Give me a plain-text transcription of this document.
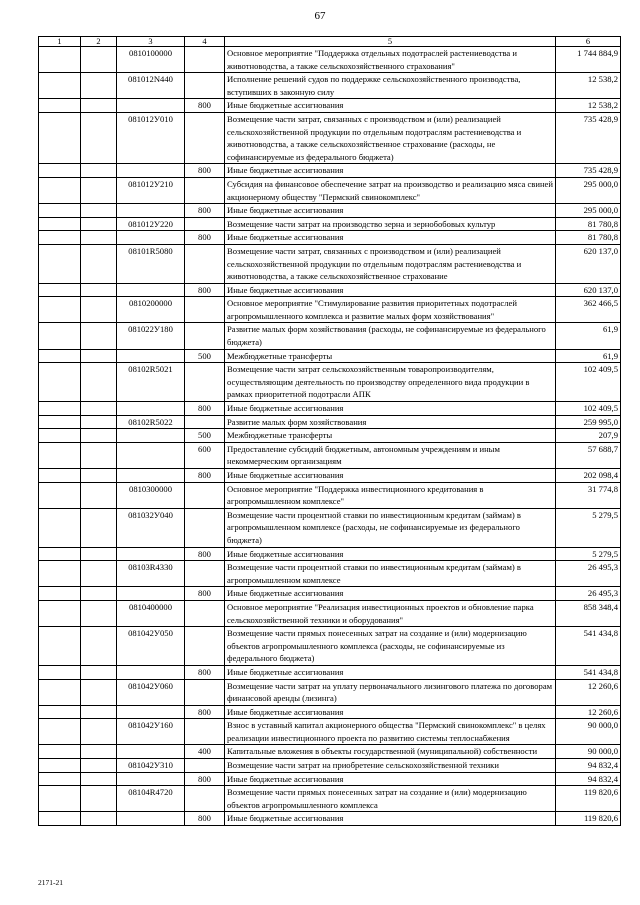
67
1	2	3	4	5	6
		0810100000		Основное мероприятие "Поддержка отдельных подотраслей растениеводства и животноводства, а также сельскохозяйственного страхования"	1 744 884,9
		081012N440		Исполнение решений судов по поддержке сельскохозяйственного производства, вступивших в законную силу	12 538,2
			800	Иные бюджетные ассигнования	12 538,2
		081012У010		Возмещение части затрат, связанных с производством и (или) реализацией сельскохозяйственной продукции по отдельным подотраслям растениеводства и животноводства, а также сельскохозяйственное страхование (расходы, не софинансируемые из федерального бюджета)	735 428,9
			800	Иные бюджетные ассигнования	735 428,9
		081012У210		Субсидия на финансовое обеспечение затрат на производство и реализацию мяса свиней акционерному обществу "Пермский свинокомплекс"	295 000,0
			800	Иные бюджетные ассигнования	295 000,0
		081012У220		Возмещение части затрат на производство зерна и зернобобовых культур	81 780,8
			800	Иные бюджетные ассигнования	81 780,8
		08101R5080		Возмещение части затрат, связанных с производством и (или) реализацией сельскохозяйственной продукции по отдельным подотраслям растениеводства и животноводства, а также сельскохозяйственное страхование	620 137,0
			800	Иные бюджетные ассигнования	620 137,0
		0810200000		Основное мероприятие "Стимулирование развития приоритетных подотраслей агропромышленного комплекса и развитие малых форм хозяйствования"	362 466,5
		081022У180		Развитие малых форм хозяйствования (расходы, не софинансируемые из федерального бюджета)	61,9
			500	Межбюджетные трансферты	61,9
		08102R5021		Возмещение части затрат сельскохозяйственным товаропроизводителям, осуществляющим деятельность по производству определенного вида продукции в рамках приоритетной подотрасли АПК	102 409,5
			800	Иные бюджетные ассигнования	102 409,5
		08102R5022		Развитие малых форм хозяйствования	259 995,0
			500	Межбюджетные трансферты	207,9
			600	Предоставление субсидий бюджетным, автономным учреждениям и иным некоммерческим организациям	57 688,7
			800	Иные бюджетные ассигнования	202 098,4
		0810300000		Основное мероприятие "Поддержка инвестиционного кредитования в агропромышленном комплексе"	31 774,8
		081032У040		Возмещение части процентной ставки по инвестиционным кредитам (займам) в агропромышленном комплексе (расходы, не софинансируемые из федерального бюджета)	5 279,5
			800	Иные бюджетные ассигнования	5 279,5
		08103R4330		Возмещение части процентной ставки по инвестиционным кредитам (займам) в агропромышленном комплексе	26 495,3
			800	Иные бюджетные ассигнования	26 495,3
		0810400000		Основное мероприятие "Реализация инвестиционных проектов и обновление парка сельскохозяйственной техники и оборудования"	858 348,4
		081042У050		Возмещение части прямых понесенных затрат на создание и (или) модернизацию объектов агропромышленного комплекса (расходы, не софинансируемые из федерального бюджета)	541 434,8
			800	Иные бюджетные ассигнования	541 434,8
		081042У060		Возмещение части затрат на уплату первоначального лизингового платежа по договорам финансовой аренды (лизинга)	12 260,6
			800	Иные бюджетные ассигнования	12 260,6
		081042У160		Взнос в уставный капитал акционерного общества "Пермский свинокомплекс" в целях реализации инвестиционного проекта по развитию системы теплоснабжения	90 000,0
			400	Капитальные вложения в объекты государственной (муниципальной) собственности	90 000,0
		081042У310		Возмещение части затрат на приобретение сельскохозяйственной техники	94 832,4
			800	Иные бюджетные ассигнования	94 832,4
		08104R4720		Возмещение части прямых понесенных затрат на создание и (или) модернизацию объектов агропромышленного комплекса	119 820,6
			800	Иные бюджетные ассигнования	119 820,6
2171-21
